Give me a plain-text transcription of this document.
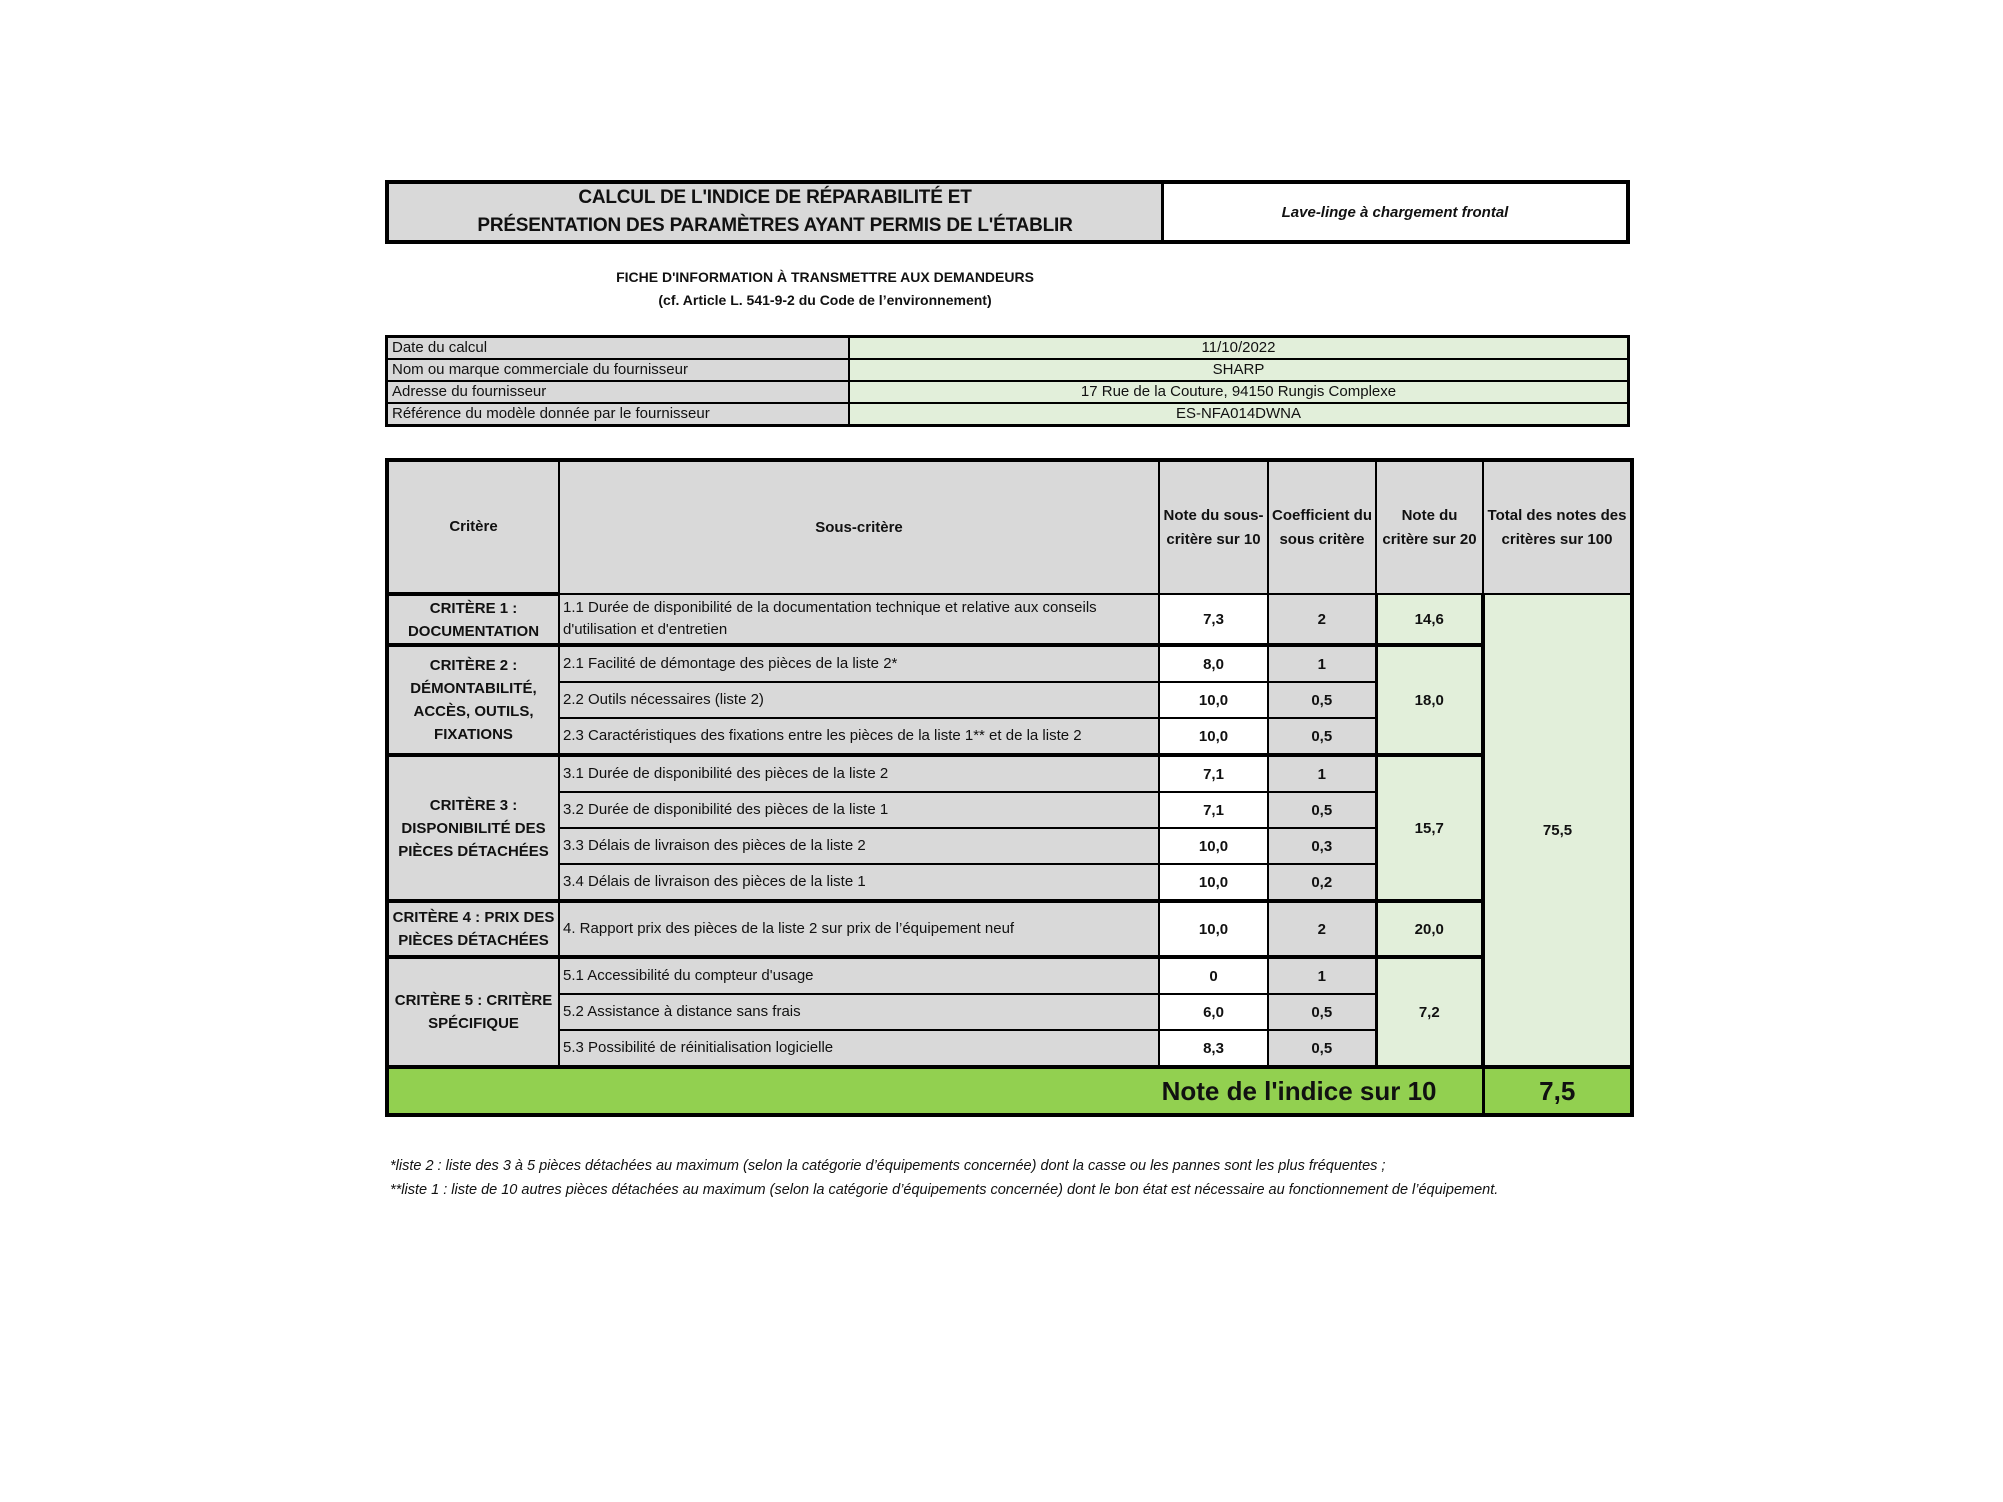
CALCUL DE L'INDICE DE RÉPARABILITÉ ET
PRÉSENTATION DES PARAMÈTRES AYANT PERMIS DE L'ÉTABLIR
Lave-linge à chargement frontal
FICHE D'INFORMATION À TRANSMETTRE AUX DEMANDEURS
(cf. Article L. 541-9-2 du Code de l’environnement)
Date du calcul	11/10/2022
Nom ou marque commerciale du fournisseur	SHARP
Adresse du fournisseur	17 Rue de la Couture, 94150 Rungis Complexe
Référence du modèle donnée par le fournisseur	ES-NFA014DWNA
Critère	Sous-critère	Note du sous-critère sur 10	Coefficient du sous critère	Note du critère sur 20	Total des notes des critères sur 100
CRITÈRE 1 : DOCUMENTATION	1.1 Durée de disponibilité de la documentation technique et relative aux conseils d'utilisation et d'entretien	7,3	2	14,6	75,5
CRITÈRE 2 : DÉMONTABILITÉ, ACCÈS, OUTILS, FIXATIONS	2.1 Facilité de démontage des pièces de la liste 2*	8,0	1	18,0	
	2.2 Outils nécessaires (liste 2)	10,0	0,5		
	2.3 Caractéristiques des fixations entre les pièces de la liste 1** et de la liste 2	10,0	0,5		
CRITÈRE 3 : DISPONIBILITÉ DES PIÈCES DÉTACHÉES	3.1 Durée de disponibilité des pièces de la liste 2	7,1	1	15,7	
	3.2 Durée de disponibilité des pièces de la liste 1	7,1	0,5		
	3.3 Délais de livraison des pièces de la liste 2	10,0	0,3		
	3.4 Délais de livraison des pièces de la liste 1	10,0	0,2		
CRITÈRE 4 : PRIX DES PIÈCES DÉTACHÉES	4. Rapport prix des pièces de la liste 2 sur prix de l’équipement neuf	10,0	2	20,0	
CRITÈRE 5 : CRITÈRE SPÉCIFIQUE	5.1 Accessibilité du compteur d'usage	0	1	7,2	
	5.2 Assistance à distance sans frais	6,0	0,5		
	5.3 Possibilité de réinitialisation logicielle	8,3	0,5		
Note de l'indice sur 10					7,5
*liste 2 : liste des 3 à 5 pièces détachées au maximum (selon la catégorie d’équipements concernée) dont la casse ou les pannes sont les plus fréquentes ;
**liste 1 : liste de 10 autres pièces détachées au maximum (selon la catégorie d’équipements concernée) dont le bon état est nécessaire au fonctionnement de l’équipement.
